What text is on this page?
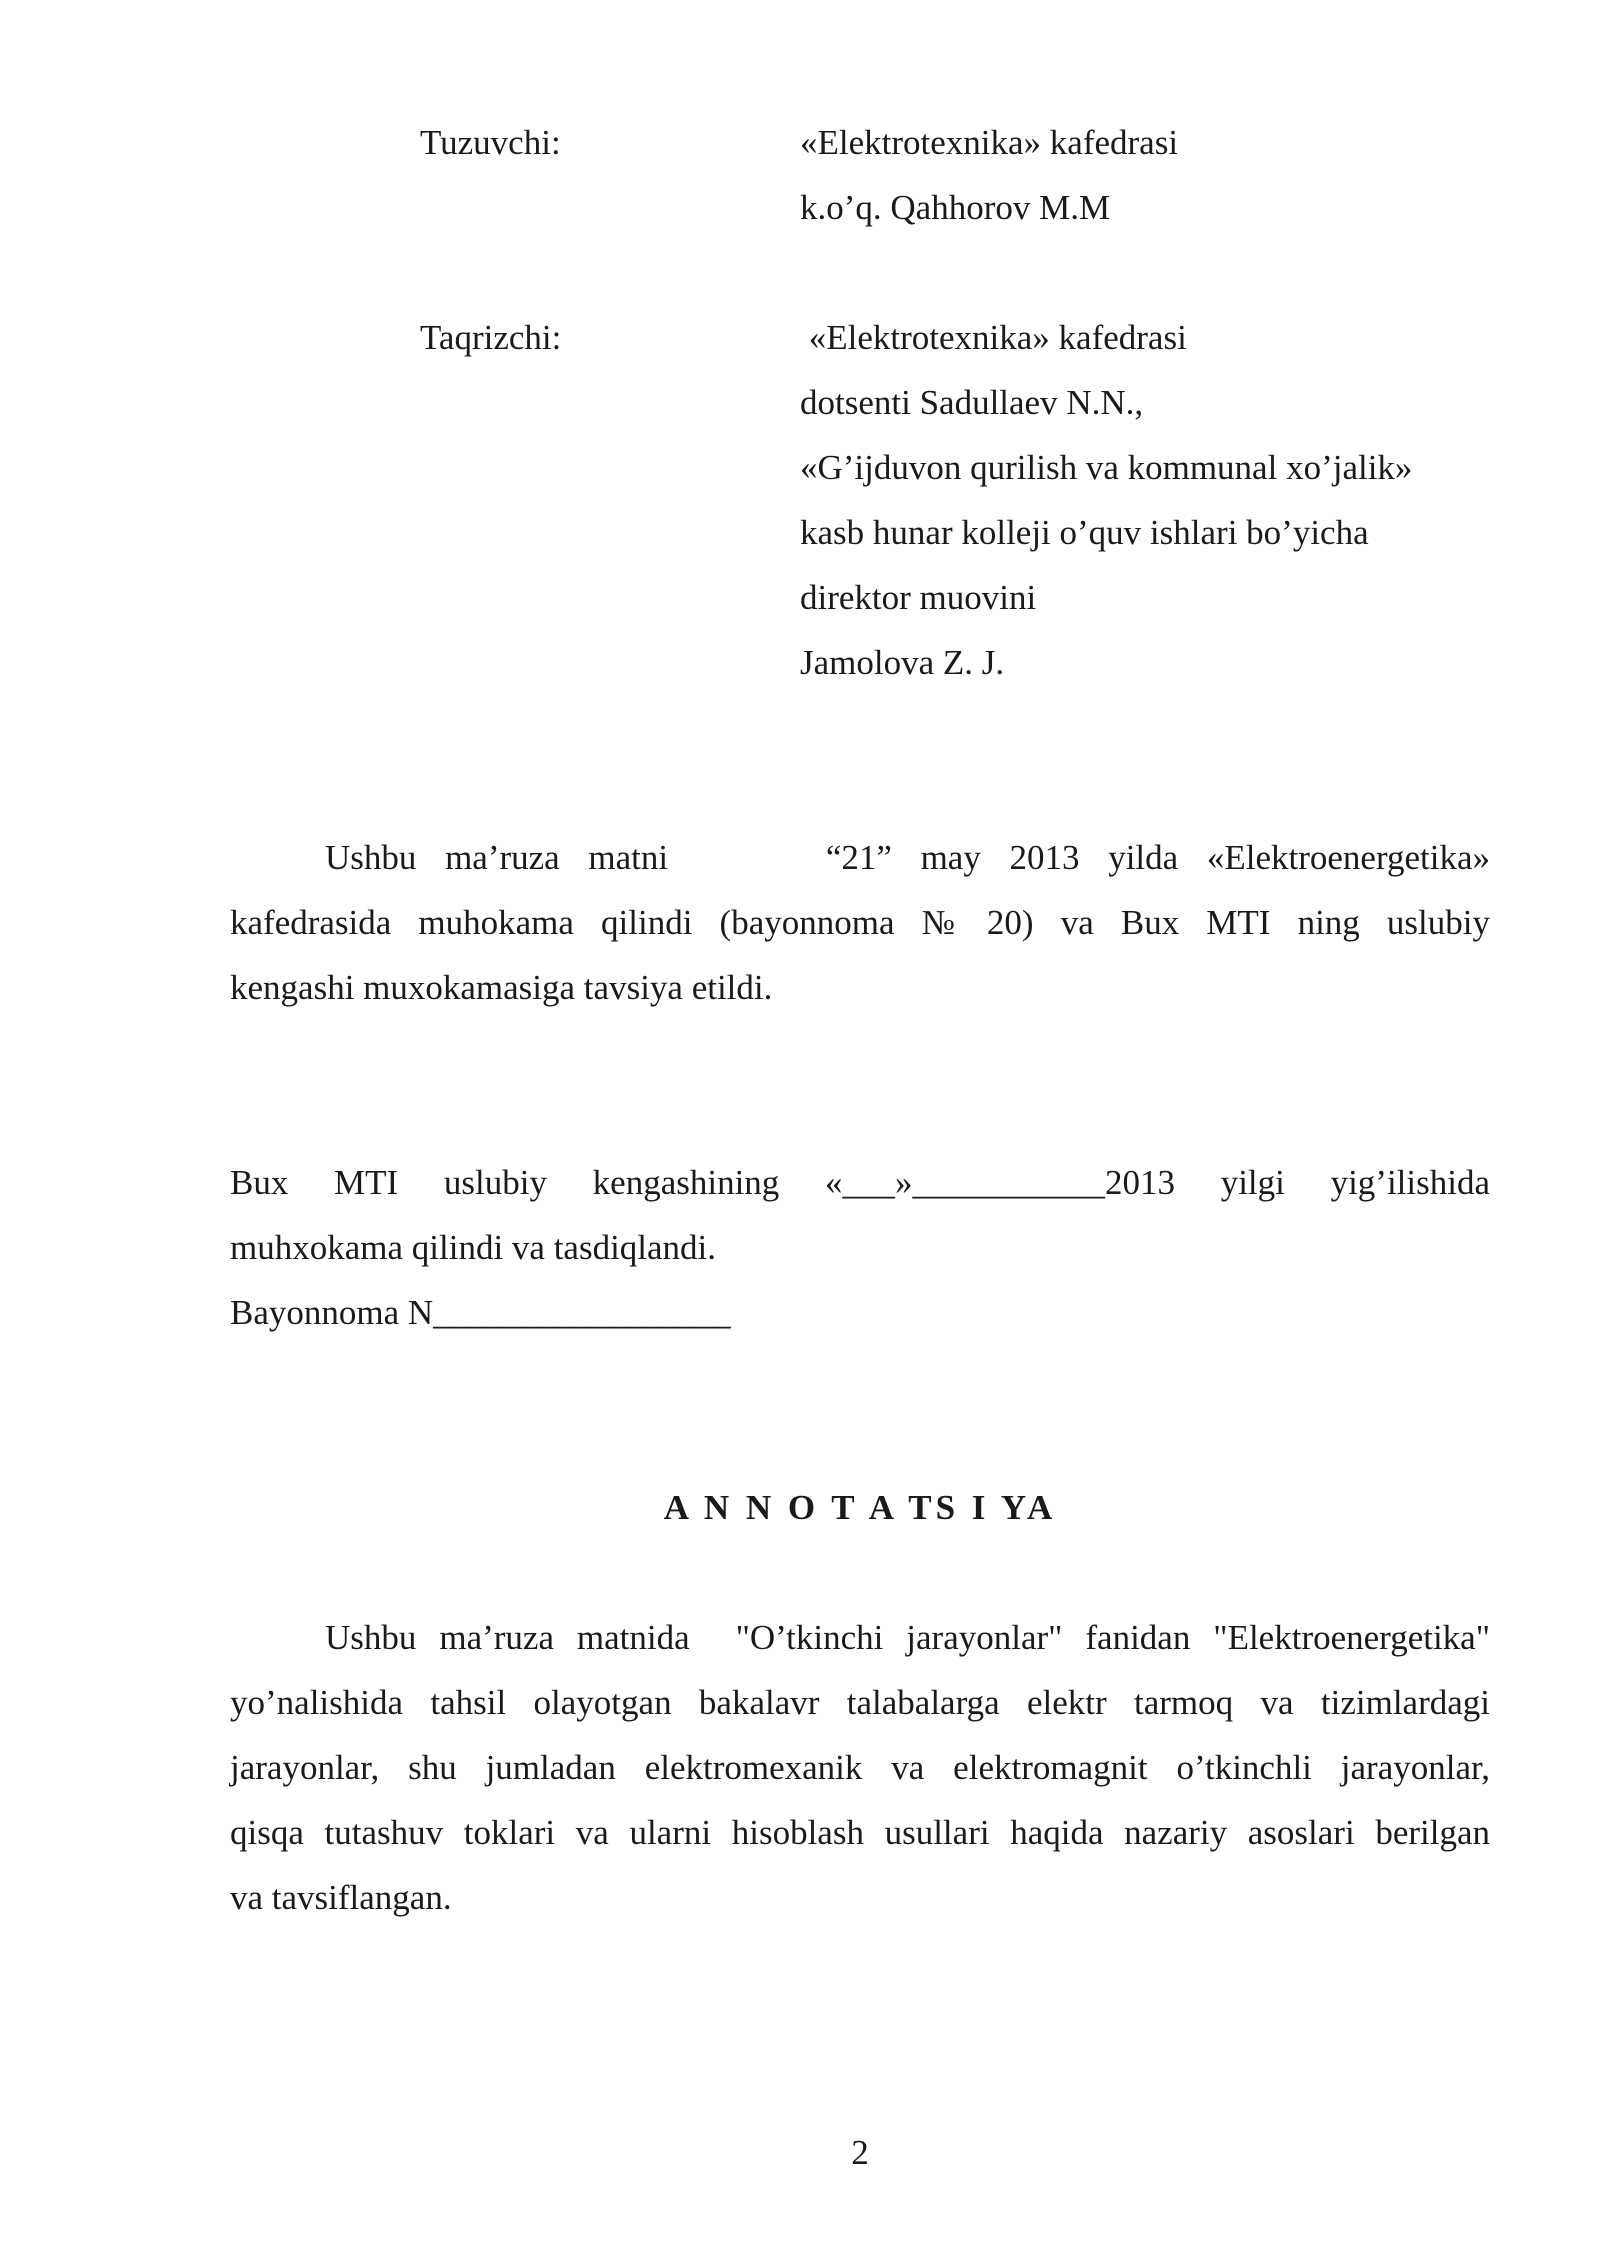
Tuzuvchi:	«Elektrotexnika» kafedrasi
k.o’q. Qahhorov M.M
Taqrizchi:	«Elektrotexnika» kafedrasi
dotsenti Sadullaev N.N.,
«G’ijduvon qurilish va kommunal xo’jalik»
kasb hunar kolleji o’quv ishlari bo’yicha
direktor muovini
Jamolova Z. J.
Ushbu  ma’ruza  matni           “21”  may  2013  yilda  «Elektroenergetika»
kafedrasida  muhokama  qilindi  (bayonnoma  №  20)  va  Bux  MTI  ning  uslubiy
kengashi muxokamasiga tavsiya etildi.
Bux  MTI  uslubiy  kengashining  «___»___________2013  yilgi  yig’ilishida
muhxokama qilindi va tasdiqlandi.
Bayonnoma N_________________
A N N O T A TS I YA
Ushbu ma’ruza matnida  "O’tkinchi jarayonlar" fanidan "Elektroenergetika"
yo’nalishida tahsil olayotgan bakalavr talabalarga elektr tarmoq va tizimlardagi
jarayonlar, shu jumladan elektromexanik va elektromagnit o’tkinchli jarayonlar,
qisqa tutashuv toklari va ularni hisoblash usullari haqida nazariy asoslari berilgan
va tavsiflangan.
2
